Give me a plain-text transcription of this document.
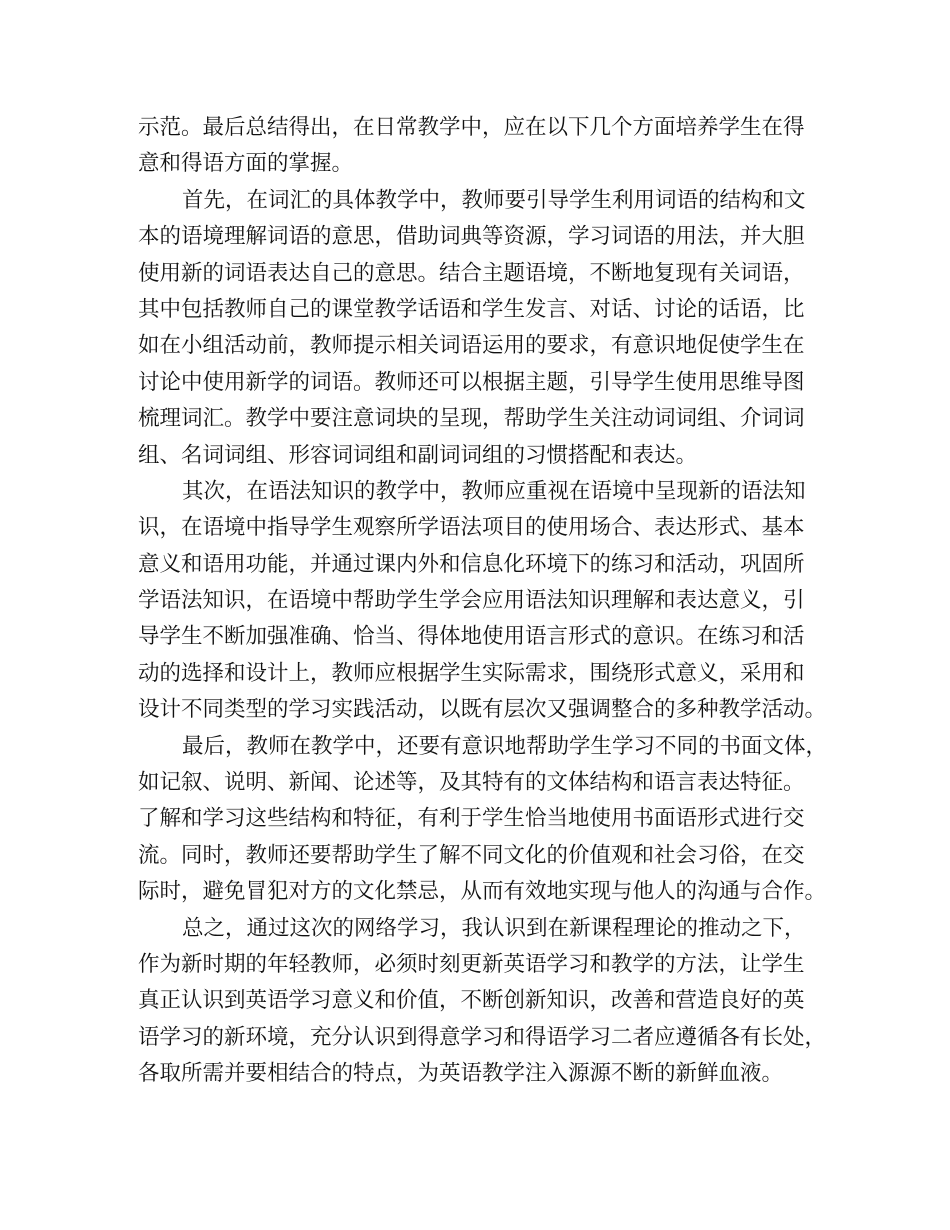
示范。最后总结得出，在日常教学中，应在以下几个方面培养学生在得
意和得语方面的掌握。
首先，在词汇的具体教学中，教师要引导学生利用词语的结构和文
本的语境理解词语的意思，借助词典等资源，学习词语的用法，并大胆
使用新的词语表达自己的意思。结合主题语境，不断地复现有关词语，
其中包括教师自己的课堂教学话语和学生发言、对话、讨论的话语，比
如在小组活动前，教师提示相关词语运用的要求，有意识地促使学生在
讨论中使用新学的词语。教师还可以根据主题，引导学生使用思维导图
梳理词汇。教学中要注意词块的呈现，帮助学生关注动词词组、介词词
组、名词词组、形容词词组和副词词组的习惯搭配和表达。
其次，在语法知识的教学中，教师应重视在语境中呈现新的语法知
识，在语境中指导学生观察所学语法项目的使用场合、表达形式、基本
意义和语用功能，并通过课内外和信息化环境下的练习和活动，巩固所
学语法知识，在语境中帮助学生学会应用语法知识理解和表达意义，引
导学生不断加强准确、恰当、得体地使用语言形式的意识。在练习和活
动的选择和设计上，教师应根据学生实际需求，围绕形式意义，采用和
设计不同类型的学习实践活动，以既有层次又强调整合的多种教学活动。
最后，教师在教学中，还要有意识地帮助学生学习不同的书面文体，
如记叙、说明、新闻、论述等，及其特有的文体结构和语言表达特征。
了解和学习这些结构和特征，有利于学生恰当地使用书面语形式进行交
流。同时，教师还要帮助学生了解不同文化的价值观和社会习俗，在交
际时，避免冒犯对方的文化禁忌，从而有效地实现与他人的沟通与合作。
总之，通过这次的网络学习，我认识到在新课程理论的推动之下，
作为新时期的年轻教师，必须时刻更新英语学习和教学的方法，让学生
真正认识到英语学习意义和价值，不断创新知识，改善和营造良好的英
语学习的新环境，充分认识到得意学习和得语学习二者应遵循各有长处，
各取所需并要相结合的特点，为英语教学注入源源不断的新鲜血液。
